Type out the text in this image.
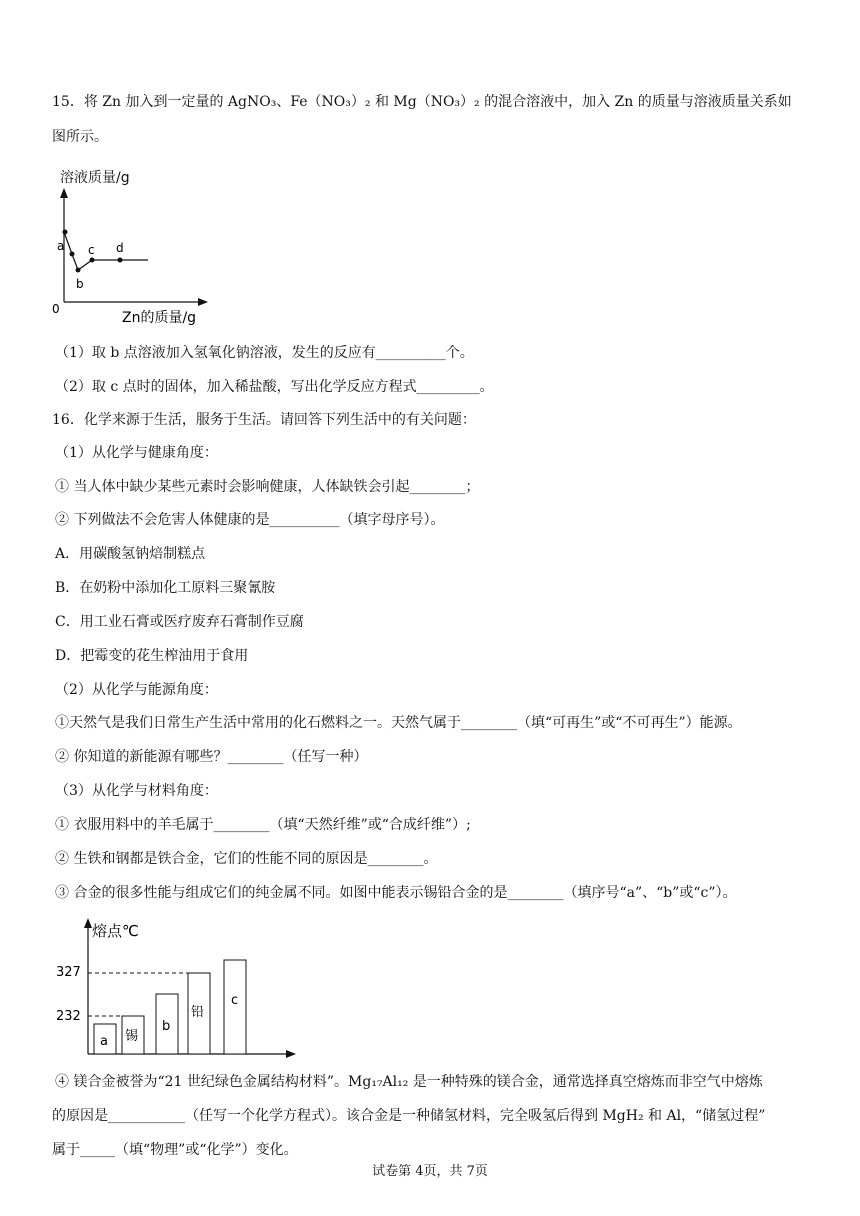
15．将 Zn 加入到一定量的 AgNO₃、Fe（NO₃）₂ 和 Mg（NO₃）₂ 的混合溶液中，加入 Zn 的质量与溶液质量关系如
图所示。
溶液质量/g
0
a
b
c d
Zn的质量/g
（1）取 b 点溶液加入氢氧化钠溶液，发生的反应有__________个。
（2）取 c 点时的固体，加入稀盐酸，写出化学反应方程式_________。
16．化学来源于生活，服务于生活。请回答下列生活中的有关问题：
（1）从化学与健康角度：
① 当人体中缺少某些元素时会影响健康，人体缺铁会引起________；
② 下列做法不会危害人体健康的是__________（填字母序号）。
A．用碳酸氢钠焙制糕点
B．在奶粉中添加化工原料三聚氰胺
C．用工业石膏或医疗废弃石膏制作豆腐
D．把霉变的花生榨油用于食用
（2）从化学与能源角度：
①天然气是我们日常生产生活中常用的化石燃料之一。天然气属于________（填“可再生”或“不可再生”）能源。
② 你知道的新能源有哪些？________（任写一种）
（3）从化学与材料角度：
① 衣服用料中的羊毛属于________（填“天然纤维”或“合成纤维”）;
② 生铁和钢都是铁合金，它们的性能不同的原因是________。
③ 合金的很多性能与组成它们的纯金属不同。如图中能表示锡铅合金的是________（填序号“a”、“b”或“c”）。
熔点℃
327
232
a 锡
b
铅
c
④ 镁合金被誉为“21 世纪绿色金属结构材料”。Mg₁₇Al₁₂ 是一种特殊的镁合金，通常选择真空熔炼而非空气中熔炼
的原因是___________（任写一个化学方程式）。该合金是一种储氢材料，完全吸氢后得到 MgH₂ 和 Al，“储氢过程”
属于_____（填“物理”或“化学”）变化。
试卷第 4页，共 7页
